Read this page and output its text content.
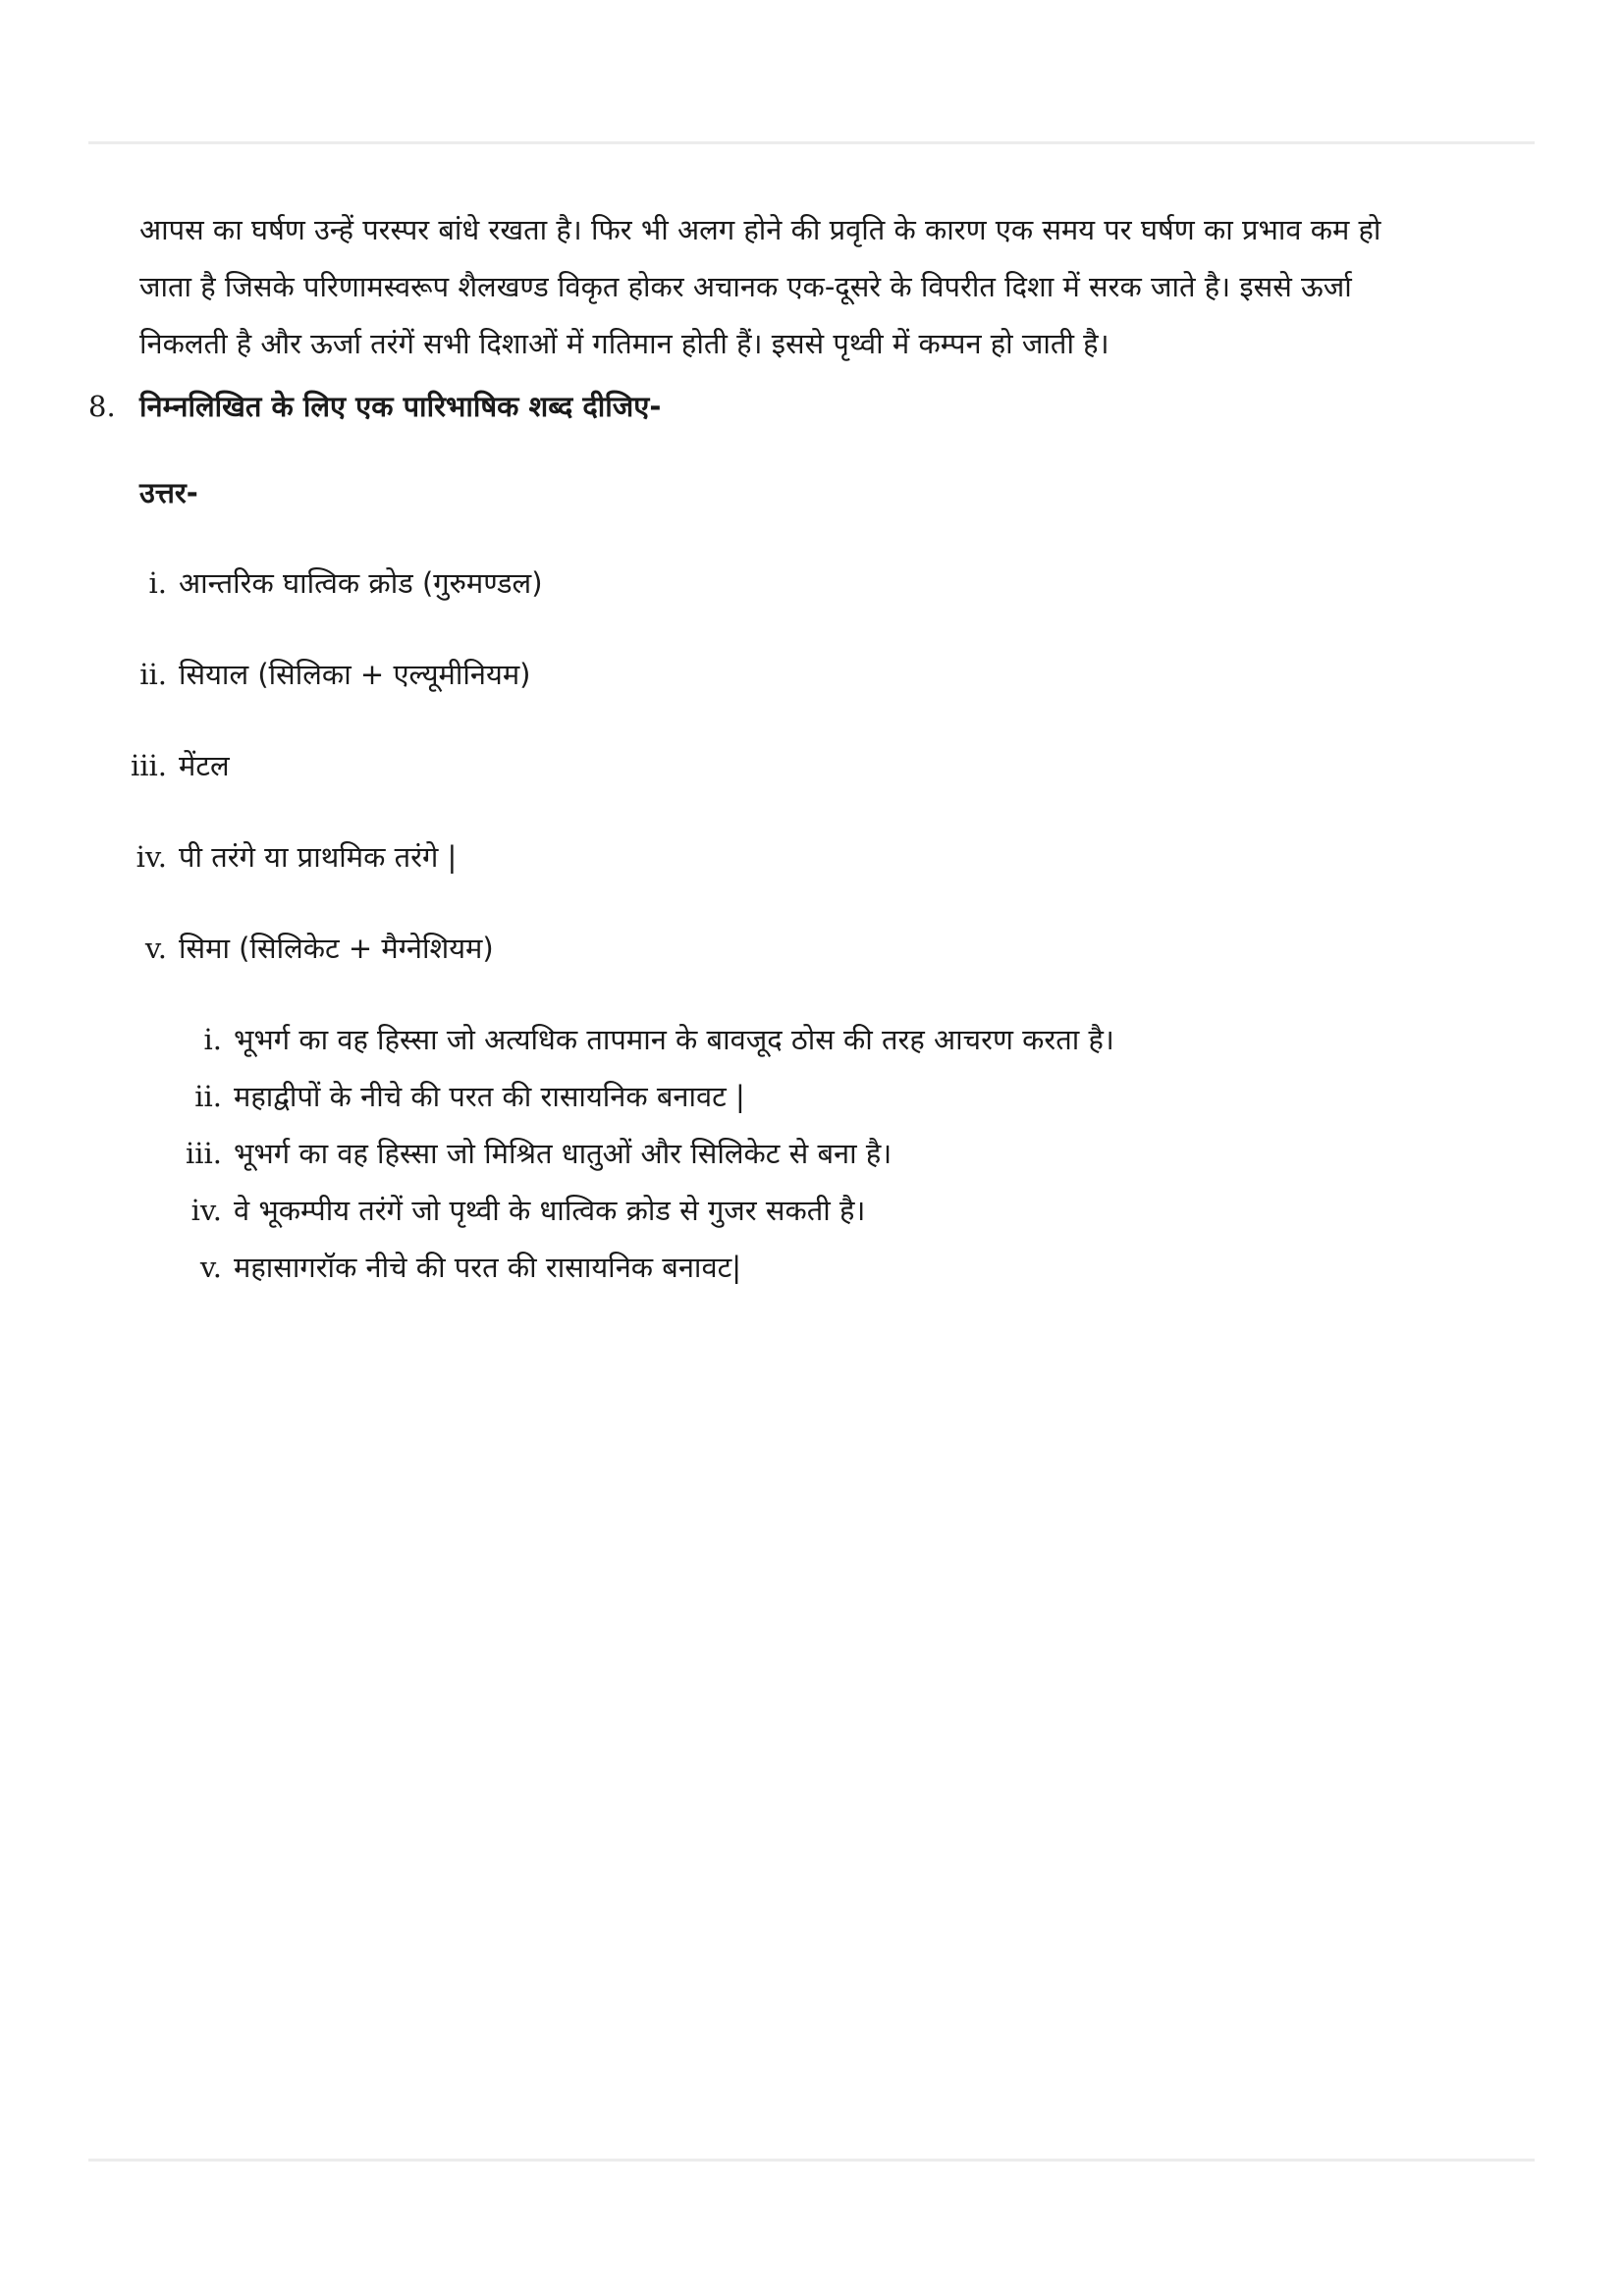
आपस का घर्षण उन्हें परस्पर बांधे रखता है। फिर भी अलग होने की प्रवृति के कारण एक समय पर घर्षण का प्रभाव कम हो
जाता है जिसके परिणामस्वरूप शैलखण्ड विकृत होकर अचानक एक-दूसरे के विपरीत दिशा में सरक जाते है। इससे ऊर्जा
निकलती है और ऊर्जा तरंगें सभी दिशाओं में गतिमान होती हैं। इससे पृथ्वी में कम्पन हो जाती है।

8. निम्नलिखित के लिए एक पारिभाषिक शब्द दीजिए-
उत्तर-
i. आन्तरिक घात्विक क्रोड (गुरुमण्डल)
ii. सियाल (सिलिका + एल्यूमीनियम)
iii. मेंटल
iv. पी तरंगे या प्राथमिक तरंगे |
v. सिमा (सिलिकेट + मैग्नेशियम)
i. भूभर्ग का वह हिस्सा जो अत्यधिक तापमान के बावजूद ठोस की तरह आचरण करता है।
ii. महाद्वीपों के नीचे की परत की रासायनिक बनावट |
iii. भूभर्ग का वह हिस्सा जो मिश्रित धातुओं और सिलिकेट से बना है।
iv. वे भूकम्पीय तरंगें जो पृथ्वी के धात्विक क्रोड से गुजर सकती है।
v. महासागरॉक नीचे की परत की रासायनिक बनावट|
